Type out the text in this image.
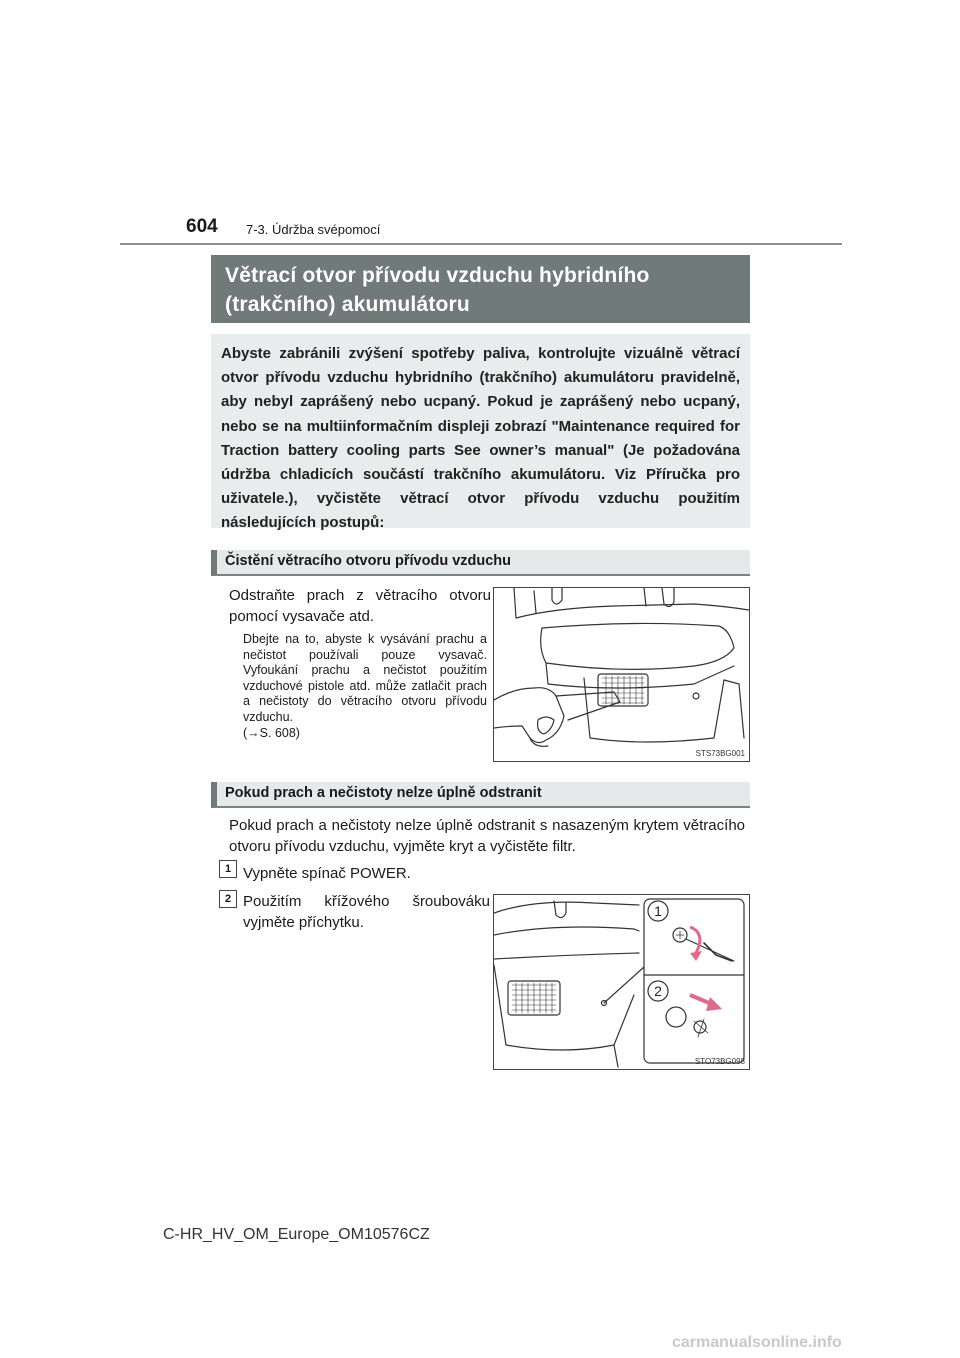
604 7-3. Údržba svépomocí
Větrací otvor přívodu vzduchu hybridního (trakčního) akumulátoru
Abyste zabránili zvýšení spotřeby paliva, kontrolujte vizuálně větrací otvor přívodu vzduchu hybridního (trakčního) akumulátoru pravidelně, aby nebyl zaprášený nebo ucpaný. Pokud je zaprášený nebo ucpaný, nebo se na multiinformačním displeji zobrazí "Maintenance required for Traction battery cooling parts See owner’s manual" (Je požadována údržba chladicích součástí trakčního akumulátoru. Viz Příručka pro uživatele.), vyčistěte větrací otvor přívodu vzduchu použitím následujících postupů:
Čistění větracího otvoru přívodu vzduchu
Odstraňte prach z větracího otvoru pomocí vysavače atd.
Dbejte na to, abyste k vysávání prachu a nečistot používali pouze vysavač. Vyfoukání prachu a nečistot použitím vzduchové pistole atd. může zatlačit prach a nečistoty do větracího otvoru přívodu vzduchu.
(→S. 608)
STS73BG001
Pokud prach a nečistoty nelze úplně odstranit
Pokud prach a nečistoty nelze úplně odstranit s nasazeným krytem větracího otvoru přívodu vzduchu, vyjměte kryt a vyčistěte filtr.
1 Vypněte spínač POWER.
2 Použitím křížového šroubováku vyjměte příchytku.
1
2
STO73BG098
C-HR_HV_OM_Europe_OM10576CZ
carmanualsonline.info
